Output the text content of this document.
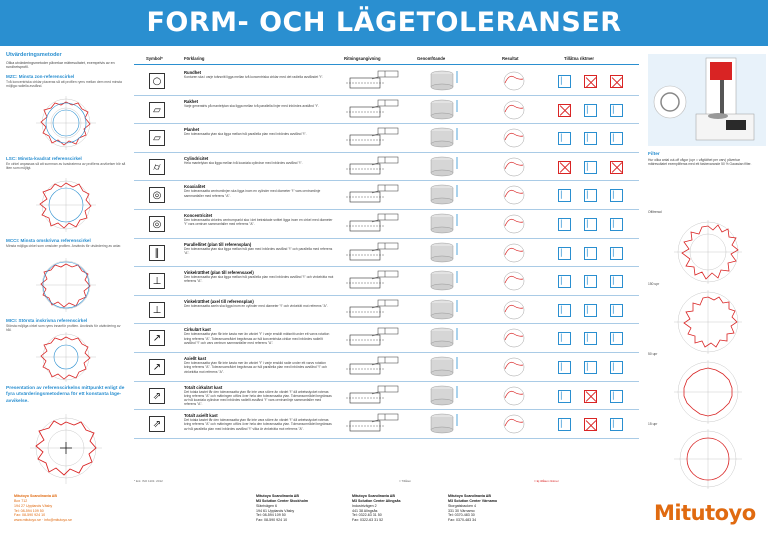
FORM- OCH LÄGETOLERANSER
Utvärderingsmetoder
Olika utvärderingsmetoder påverkar mätresultatet, exempelvis av en rundhetsprofil.
MZC: Minsta zon-referenscirkel
Två koncentriska cirklar placeras så att profilen ryms mellan dem med minsta möjliga radiella avstånd.
LSC: Minsta-kvadrat referenscirkel
En cirkel anpassas så att summan av kvadraterna av profilens avvikelser blir så liten som möjligt.
MCCI: Minsta omskrivna referenscirkel
Minsta möjliga cirkel som omsluter profilen. Används för utvärdering av axlar.
MICI: Största inskrivna referenscirkel
Största möjliga cirkel som ryms innanför profilen. Används för utvärdering av hål.
Presentation av referenscirkelns mittpunkt enligt de fyra utvärderingsmetoderna för ett konstanta läge-avvikelse.
Symbol*	Förklaring	Ritningsangivning	Genomföande	Resultat	Tillåtna riktmer
○
Rundhet
Konturen ska i varje tvärsnitt ligga mellan två koncentriska cirklar med det radiella avståndet "t".	▏
⏥
Rakhet
Varje generatris på mantelytan ska ligga mellan två parallella linjer med inbördes avstånd "t".	▏	▏
▱
Planhet
Den toleranssatta ytan ska ligga mellan två parallella plan med inbördes avstånd "t".	▏	▏	▏
⌭
Cylindricitet
Hela mantelytan ska ligga mellan två koaxiala cylindrar med inbördes avstånd "t".	▏
◎
Koaxialitet
Den toleranssatta centrumlinjen ska ligga inom en cylinder med diameter "t" vars centrumlinje sammanfaller med referens "A".	▏	▏	▏
◎
Koncentricitet
Den toleranssatta cirkelns centrumpunkt ska i det betraktade snittet ligga inom en cirkel med diameter "t" vars centrum sammanfaller med referens "A".	▏	▏	▏
∥
Parallellitet (plan till referensplan)
Den toleranssatta ytan ska ligga mellan två plan med inbördes avstånd "t" och parallella med referens "A".	▏	▏	▏
⊥
Vinkelrätthet (plan till referensaxel)
Den toleranssatta ytan ska ligga mellan två parallella plan med inbördes avstånd "t" och vinkelräta mot referens "A".	▏	▏	▏
⊥
Vinkelrätthet (axel till referensplan)
Den toleranssatta axeln ska ligga inom en cylinder med diameter "t" och vinkelrät mot referens "A".	▏	▏	▏
↗
Cirkulärt kast
Den toleranssatta ytan får inte kasta mer än värdet "t" i varje enskilt mätsnitt under ett varvs rotation kring referens "A". Toleransområdet begränsas av två koncentriska cirklar med inbördes radiellt avstånd "t" och vars centrum sammanfaller med referens "A".
▏	▏	▏
↗
Axiellt kast
Den toleranssatta ytan får inte kasta mer än värdet "t" i varje enskild radie under ett varvs rotation kring referens "A". Toleransområdet begränsas av två parallella plan med inbördes avstånd "t" och vinkelräta mot referens "A".
▏	▏	▏
⇗
Totalt cirkulärt kast
Det totala kastet får den toleranssatta ytan får inte vara större än värdet "t" då arbetsstycket roteras kring referens "A" och mätningen utförs över hela den toleranssatta ytan. Toleransområdet begränsas av två koaxiala cylindrar med inbördes radiellt avstånd "t" vars centrumlinje sammanfaller med referens "A".
▏	▏
⇗
Totalt axiellt kast
Det totala kastet får den toleranssatta ytan får inte vara större än värdet "t" då arbetsstycket roteras kring referens "A" och mätningen utförs över hela den toleranssatta ytan. Toleransområdet begränsas av två parallella plan med inbördes avstånd "t" vilka är vinkelräta mot referens "A".
▏	▏
* Enl. ISO 1101: 2012	= Tillåten	= Ej tillåten riktmer
Filter
Hur olika antal cut-off vågor (upr = vågtäthet per varv) påverkar mätresultatet exemplifieras med ett fasbevarande 50 % Gaussian filter.
Ofiltrerad
150 upr
50 upr
15 upr
Mitutoyo Scandinavia AB
Box 712
194 27 Upplands Väsby
Tel: 08-594 109 50
Fax: 08-590 924 10
www.mitutoyo.se · info@mitutoyo.se
Mitutoyo Scandinavia AB
M3 Solution Center Stockholm
Släntvägen 6
194 61 Upplands Väsby
Tel: 08-594 109 50
Fax: 08-590 924 10
Mitutoyo Scandinavia AB
M3 Solution Center Alingsås
Industrivägen 2
441 38 Alingsås
Tel: 0322-63 31 50
Fax: 0322-63 31 52
Mitutoyo Scandinavia AB
M3 Solution Center Värnamo
Storgatsbacken 4
331 30 Värnamo
Tel: 0370-483 30
Fax: 0370-483 34	Mitutoyo
